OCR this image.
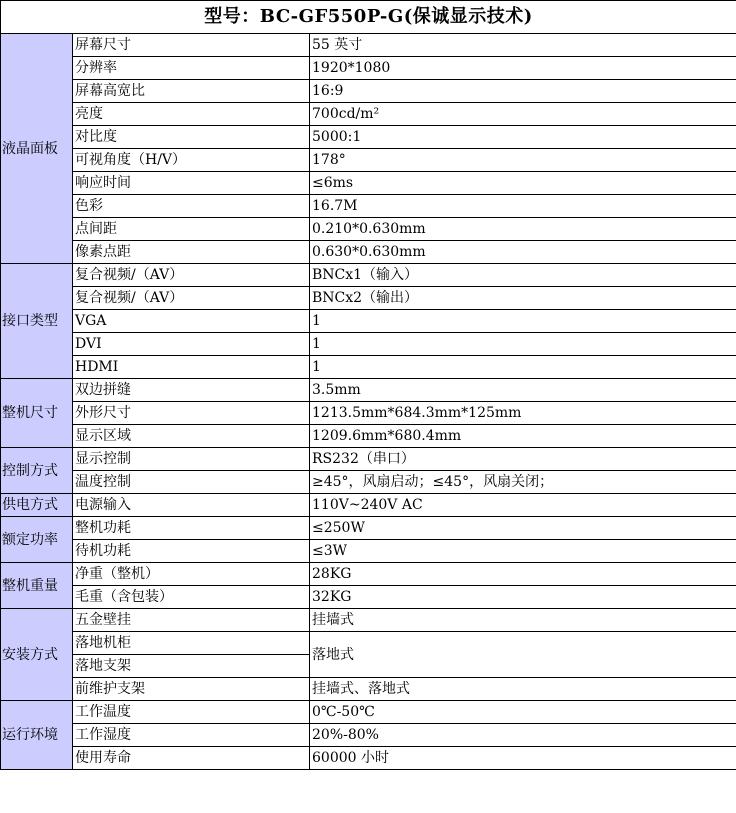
型号：BC-GF550P-G(保诚显示技术)		
液晶面板	屏幕尺寸	55 英寸
	分辨率	1920*1080
	屏幕高宽比	16:9
	亮度	700cd/m²
	对比度	5000:1
	可视角度（H/V）	178°
	响应时间	≤6ms
	色彩	16.7M
	点间距	0.210*0.630mm
	像素点距	0.630*0.630mm
接口类型	复合视频/（AV）	BNCx1（输入）
	复合视频/（AV）	BNCx2（输出）
	VGA	1
	DVI	1
	HDMI	1
整机尺寸	双边拼缝	3.5mm
	外形尺寸	1213.5mm*684.3mm*125mm
	显示区域	1209.6mm*680.4mm
控制方式	显示控制	RS232（串口）
	温度控制	≥45°，风扇启动；≤45°，风扇关闭；
供电方式	电源输入	110V~240V AC
额定功率	整机功耗	≤250W
	待机功耗	≤3W
整机重量	净重（整机）	28KG
	毛重（含包装）	32KG
安装方式	五金壁挂	挂墙式
	落地机柜	落地式
	落地支架	
	前维护支架	挂墙式、落地式
运行环境	工作温度	0℃-50℃
	工作湿度	20%-80%
	使用寿命	60000 小时
